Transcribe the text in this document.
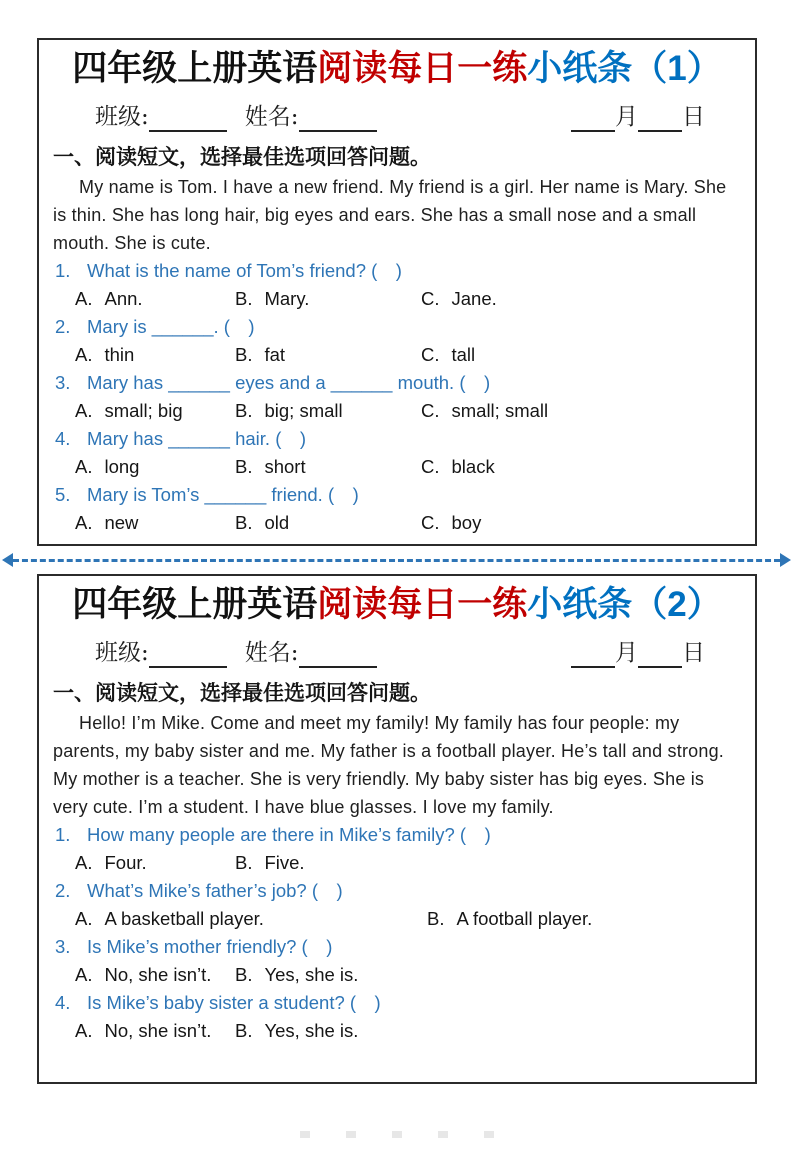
四年级上册英语阅读每日一练小纸条（1）
班级:	姓名:	月 日
一、阅读短文，选择最佳选项回答问题。
My name is Tom. I have a new friend. My friend is a girl. Her name is Mary. She is thin. She has long hair, big eyes and ears. She has a small nose and a small mouth. She is cute.
1. What is the name of Tom’s friend? (　)
A. Ann.	B. Mary.	C. Jane.
2. Mary is ______. (　)
A. thin	B. fat	C. tall
3. Mary has ______ eyes and a ______ mouth. (　)
A. small; big	B. big; small	C. small; small
4. Mary has ______ hair. (　)
A. long	B. short	C. black
5. Mary is Tom’s ______ friend. (　)
A. new	B. old	C. boy
四年级上册英语阅读每日一练小纸条（2）
班级:	姓名:	月 日
一、阅读短文，选择最佳选项回答问题。
Hello! I’m Mike. Come and meet my family! My family has four people: my parents, my baby sister and me. My father is a football player. He’s tall and strong. My mother is a teacher. She is very friendly. My baby sister has big eyes. She is very cute. I’m a student. I have blue glasses. I love my family.
1. How many people are there in Mike’s family? (　)
A. Four.	B. Five.
2. What’s Mike’s father’s job? (　)
A. A basketball player.	B. A football player.
3. Is Mike’s mother friendly? (　)
A. No, she isn’t. B. Yes, she is.
4. Is Mike’s baby sister a student? (　)
A. No, she isn’t. B. Yes, she is.
